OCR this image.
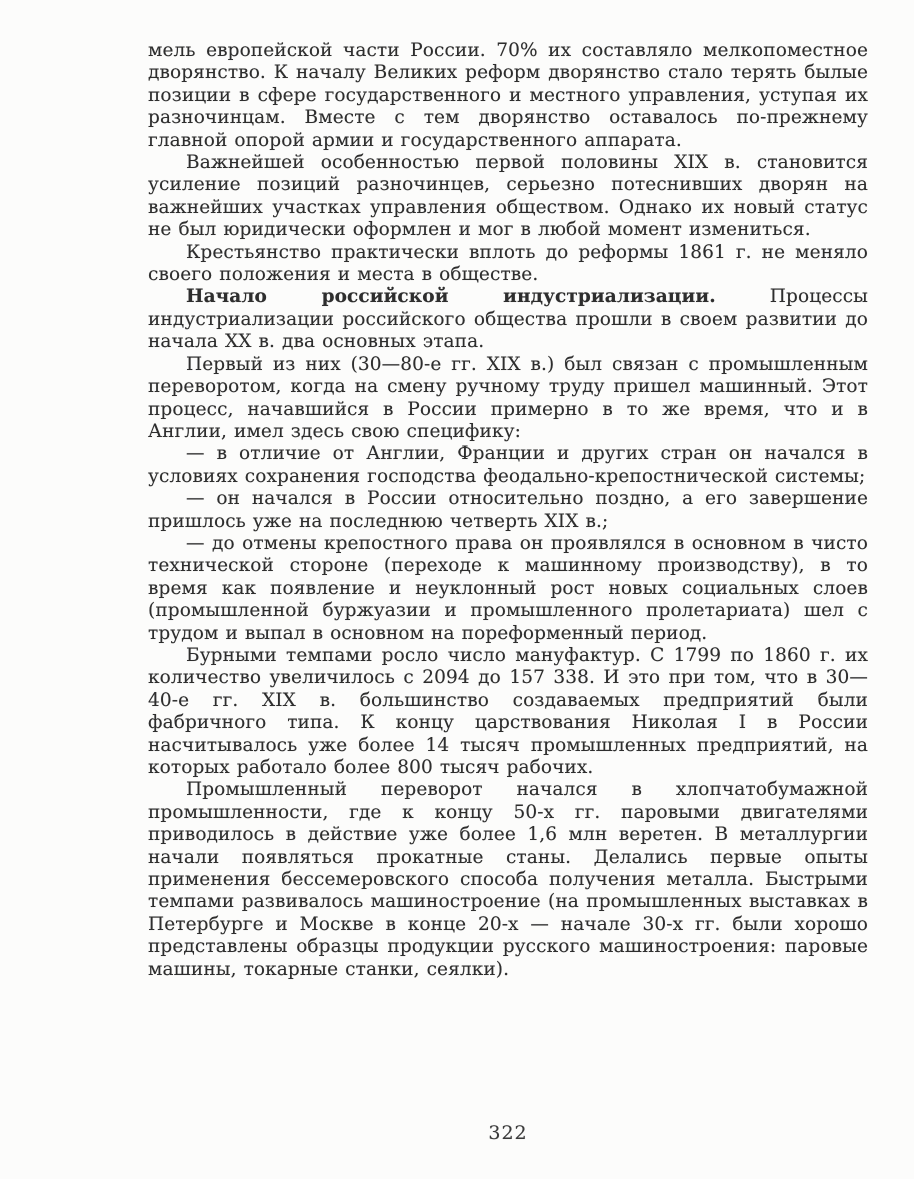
мель европейской части России. 70% их составляло мелкопоместное дворянство. К началу Великих реформ дворянство стало терять былые позиции в сфере государственного и местного управления, уступая их разночинцам. Вместе с тем дворянство оставалось по-прежнему главной опорой армии и государственного аппарата.

Важнейшей особенностью первой половины XIX в. становится усиление позиций разночинцев, серьезно потеснивших дворян на важнейших участках управления обществом. Однако их новый статус не был юридически оформлен и мог в любой момент измениться.

Крестьянство практически вплоть до реформы 1861 г. не меняло своего положения и места в обществе.

Начало российской индустриализации. Процессы индустриализации российского общества прошли в своем развитии до начала XX в. два основных этапа.

Первый из них (30—80-е гг. XIX в.) был связан с промышленным переворотом, когда на смену ручному труду пришел машинный. Этот процесс, начавшийся в России примерно в то же время, что и в Англии, имел здесь свою специфику:

— в отличие от Англии, Франции и других стран он начался в условиях сохранения господства феодально-крепостнической системы;

— он начался в России относительно поздно, а его завершение пришлось уже на последнюю четверть XIX в.;

— до отмены крепостного права он проявлялся в основном в чисто технической стороне (переходе к машинному производству), в то время как появление и неуклонный рост новых социальных слоев (промышленной буржуазии и промышленного пролетариата) шел с трудом и выпал в основном на пореформенный период.

Бурными темпами росло число мануфактур. С 1799 по 1860 г. их количество увеличилось с 2094 до 157 338. И это при том, что в 30—40-е гг. XIX в. большинство создаваемых предприятий были фабричного типа. К концу царствования Николая I в России насчитывалось уже более 14 тысяч промышленных предприятий, на которых работало более 800 тысяч рабочих.

Промышленный переворот начался в хлопчатобумажной промышленности, где к концу 50-х гг. паровыми двигателями приводилось в действие уже более 1,6 млн веретен. В металлургии начали появляться прокатные станы. Делались первые опыты применения бессемеровского способа получения металла. Быстрыми темпами развивалось машиностроение (на промышленных выставках в Петербурге и Москве в конце 20-х — начале 30-х гг. были хорошо представлены образцы продукции русского машиностроения: паровые машины, токарные станки, сеялки).

322
